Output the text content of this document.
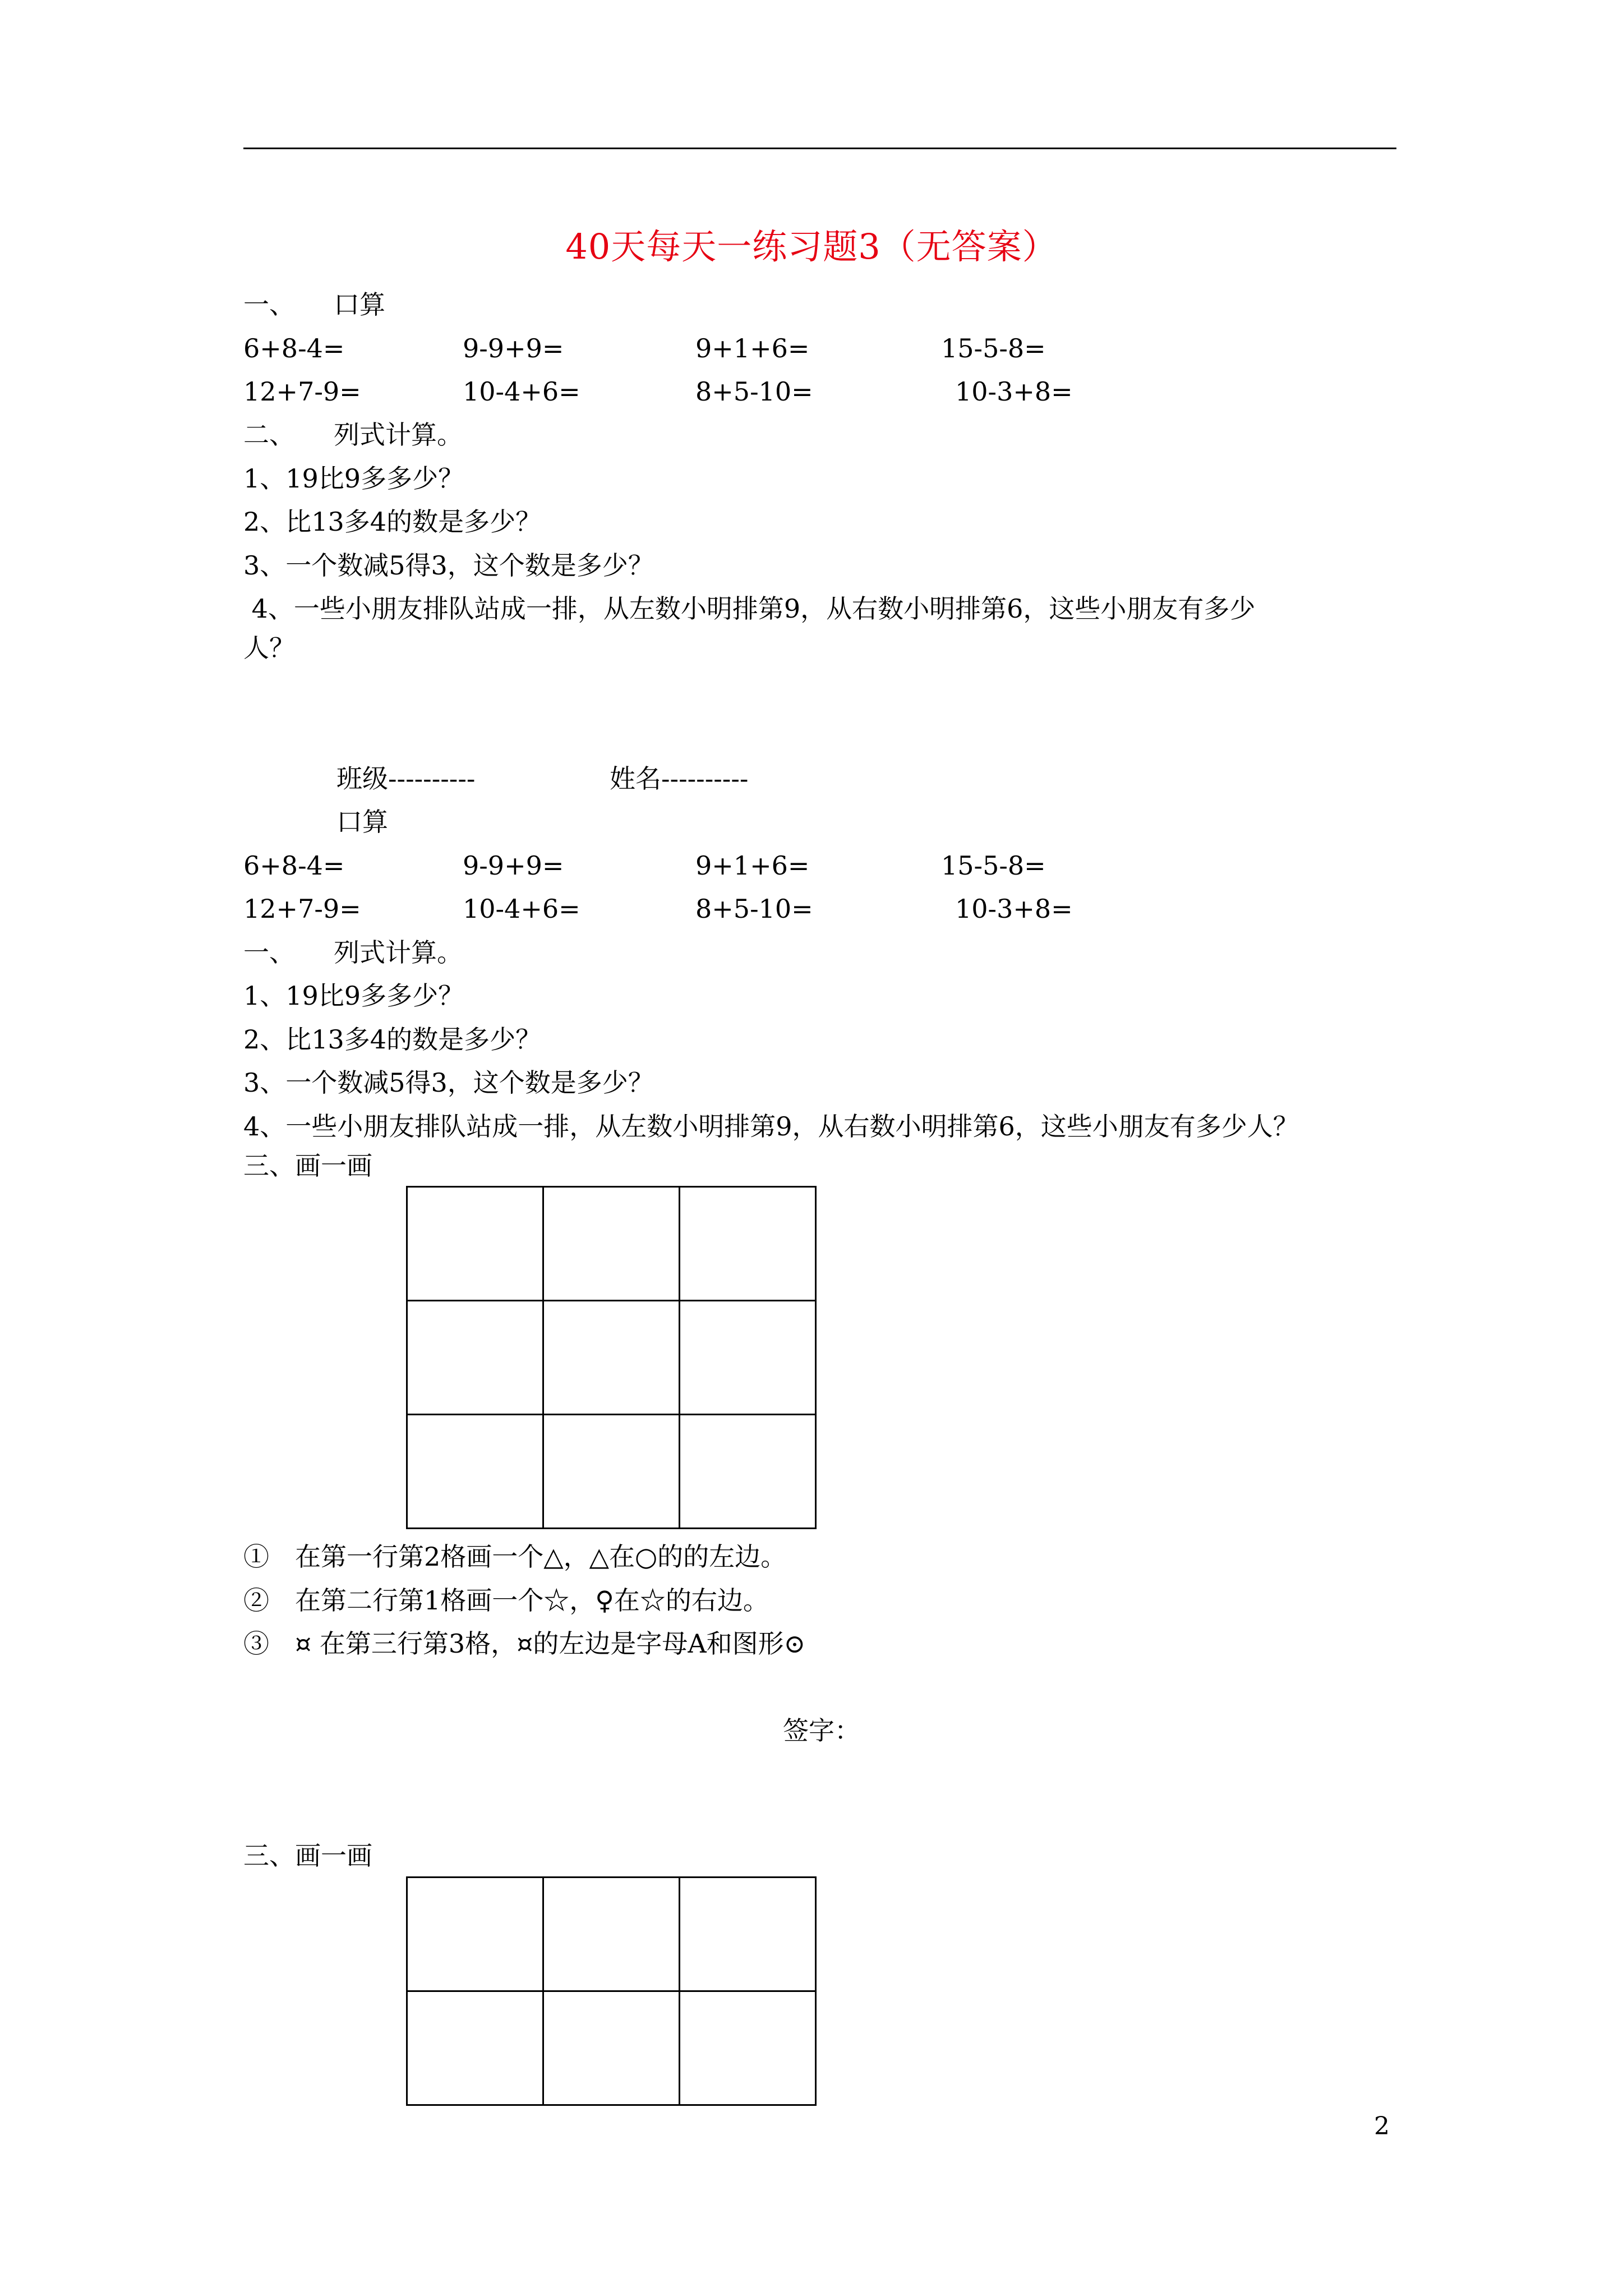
40天每天一练习题3（无答案）
一、　　口算
6+8-4=	9-9+9=	9+1+6=	15-5-8=
12+7-9=	10-4+6=	8+5-10=	10-3+8=
二、　　列式计算。
1、19比9多多少？
2、比13多4的数是多少？
3、一个数减5得3，这个数是多少？
4、一些小朋友排队站成一排，从左数小明排第9，从右数小明排第6，这些小朋友有多少
人？
班级----------	姓名----------
口算
6+8-4=	9-9+9=	9+1+6=	15-5-8=
12+7-9=	10-4+6=	8+5-10=	10-3+8=
一、　　列式计算。
1、19比9多多少？
2、比13多4的数是多少？
3、一个数减5得3，这个数是多少？
4、一些小朋友排队站成一排，从左数小明排第9，从右数小明排第6，这些小朋友有多少人？
三、画一画

①　在第一行第2格画一个△，△在○的的左边。
②　在第二行第1格画一个☆，♀在☆的右边。
③　¤ 在第三行第3格，¤的左边是字母A和图形⊙
签字：
三、画一画

2
